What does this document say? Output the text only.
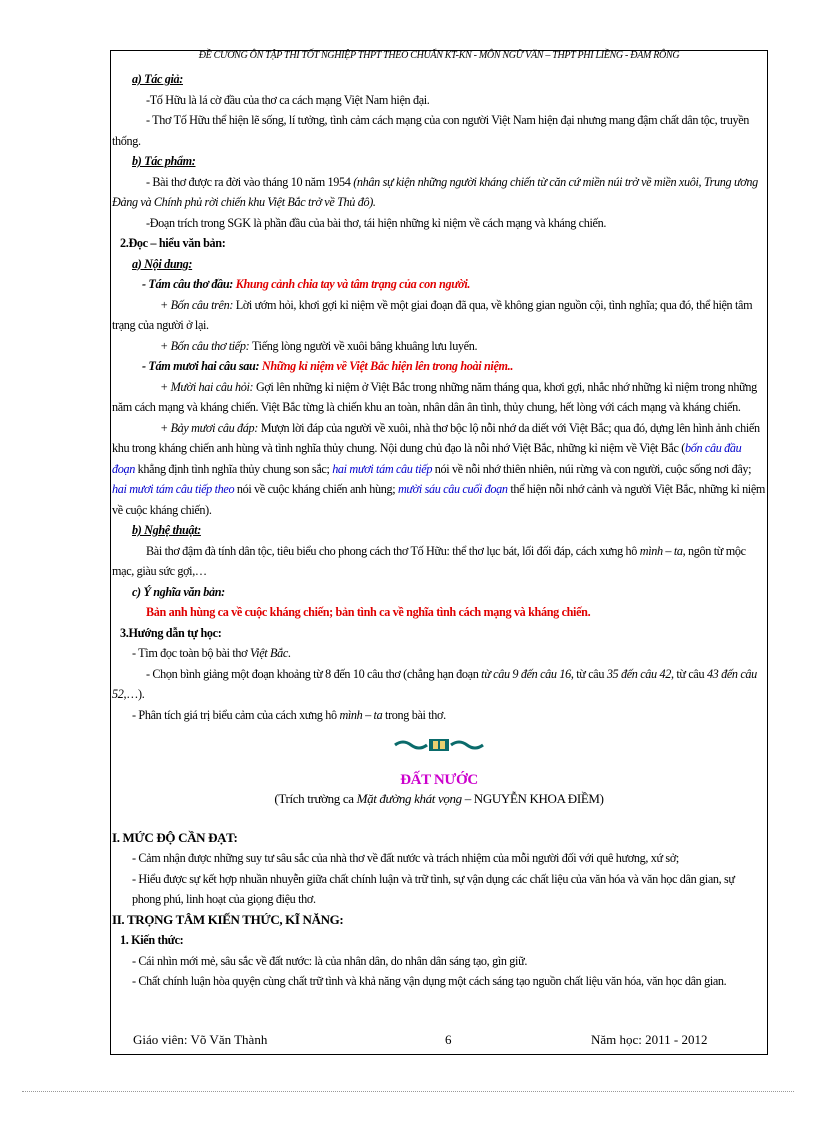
ĐỀ CƯƠNG ÔN TẬP THI TỐT NGHIỆP THPT THEO CHUẨN KT-KN - MÔN NGỮ VĂN – THPT PHI LIỀNG - ĐAM RÔNG

a) Tác giả:

-Tố Hữu là lá cờ đầu của thơ ca cách mạng Việt Nam hiện đại.

- Thơ Tố Hữu thể hiện lẽ sống, lí tưởng, tình cảm cách mạng của con người Việt Nam hiện đại nhưng mang đậm chất dân tộc, truyền thống.

b) Tác phẩm:

- Bài thơ được ra đời vào tháng 10 năm 1954 (nhân sự kiện những người kháng chiến từ căn cứ miền núi trở về miền xuôi, Trung ương Đảng và Chính phủ rời chiến khu Việt Bắc trở về Thủ đô).

-Đoạn trích trong SGK là phần đầu của bài thơ, tái hiện những kỉ niệm về cách mạng và kháng chiến.

2.Đọc – hiểu văn bản:

a) Nội dung:

- Tám câu thơ đầu: Khung cảnh chia tay và tâm trạng của con người.

+ Bốn câu trên: Lời ướm hỏi, khơi gợi kỉ niệm về một giai đoạn đã qua, về không gian nguồn cội, tình nghĩa; qua đó, thể hiện tâm trạng của người ở lại.

+ Bốn câu thơ tiếp: Tiếng lòng người về xuôi bâng khuâng lưu luyến.

- Tám mươi hai câu sau: Những kỉ niệm về Việt Bắc hiện lên trong hoài niệm..

+ Mười hai câu hỏi: Gợi lên những kỉ niệm ở Việt Bắc trong những năm tháng qua, khơi gợi, nhắc nhớ những kỉ niệm trong những năm cách mạng và kháng chiến. Việt Bắc từng là chiến khu an toàn, nhân dân ân tình, thủy chung, hết lòng với cách mạng và kháng chiến.

+ Bảy mươi câu đáp: Mượn lời đáp của người về xuôi, nhà thơ bộc lộ nỗi nhớ da diết với Việt Bắc; qua đó, dựng lên hình ảnh chiến khu trong kháng chiến anh hùng và tình nghĩa thủy chung. Nội dung chủ đạo là nỗi nhớ Việt Bắc, những kỉ niệm về Việt Bắc (bốn câu đầu đoạn khẳng định tình nghĩa thủy chung son sắc; hai mươi tám câu tiếp nói về nỗi nhớ thiên nhiên, núi rừng và con người, cuộc sống nơi đây; hai mươi tám câu tiếp theo nói về cuộc kháng chiến anh hùng; mười sáu câu cuối đoạn thể hiện nỗi nhớ cảnh và người Việt Bắc, những kỉ niệm về cuộc kháng chiến).

b) Nghệ thuật:

Bài thơ đậm đà tính dân tộc, tiêu biểu cho phong cách thơ Tố Hữu: thể thơ lục bát, lối đối đáp, cách xưng hô mình – ta, ngôn từ mộc mạc, giàu sức gợi,…

c) Ý nghĩa văn bản:

Bản anh hùng ca về cuộc kháng chiến; bản tình ca về nghĩa tình cách mạng và kháng chiến.

3.Hướng dẫn tự học:

- Tìm đọc toàn bộ bài thơ Việt Bắc.

- Chọn bình giảng một đoạn khoảng từ 8 đến 10 câu thơ (chẳng hạn đoạn từ câu 9 đến câu 16, từ câu 35 đến câu 42, từ câu 43 đến câu 52,…).

- Phân tích giá trị biểu cảm của cách xưng hô mình – ta trong bài thơ.

ĐẤT NƯỚC

(Trích trường ca Mặt đường khát vọng – NGUYỄN KHOA ĐIỀM)

I. MỨC ĐỘ CẦN ĐẠT:

- Cảm nhận được những suy tư sâu sắc của nhà thơ về đất nước và trách nhiệm của mỗi người đối với quê hương, xứ sở;

- Hiểu được sự kết hợp nhuần nhuyễn giữa chất chính luận và trữ tình, sự vận dụng các chất liệu của văn hóa và văn học dân gian, sự phong phú, linh hoạt của giọng điệu thơ.

II. TRỌNG TÂM KIẾN THỨC, KĨ NĂNG:

1. Kiến thức:

- Cái nhìn mới mẻ, sâu sắc về đất nước: là của nhân dân, do nhân dân sáng tạo, gìn giữ.

- Chất chính luận hòa quyện cùng chất trữ tình và khả năng vận dụng một cách sáng tạo nguồn chất liệu văn hóa, văn học dân gian.

Giáo viên: Võ Văn Thành	6	Năm học: 2011 - 2012
